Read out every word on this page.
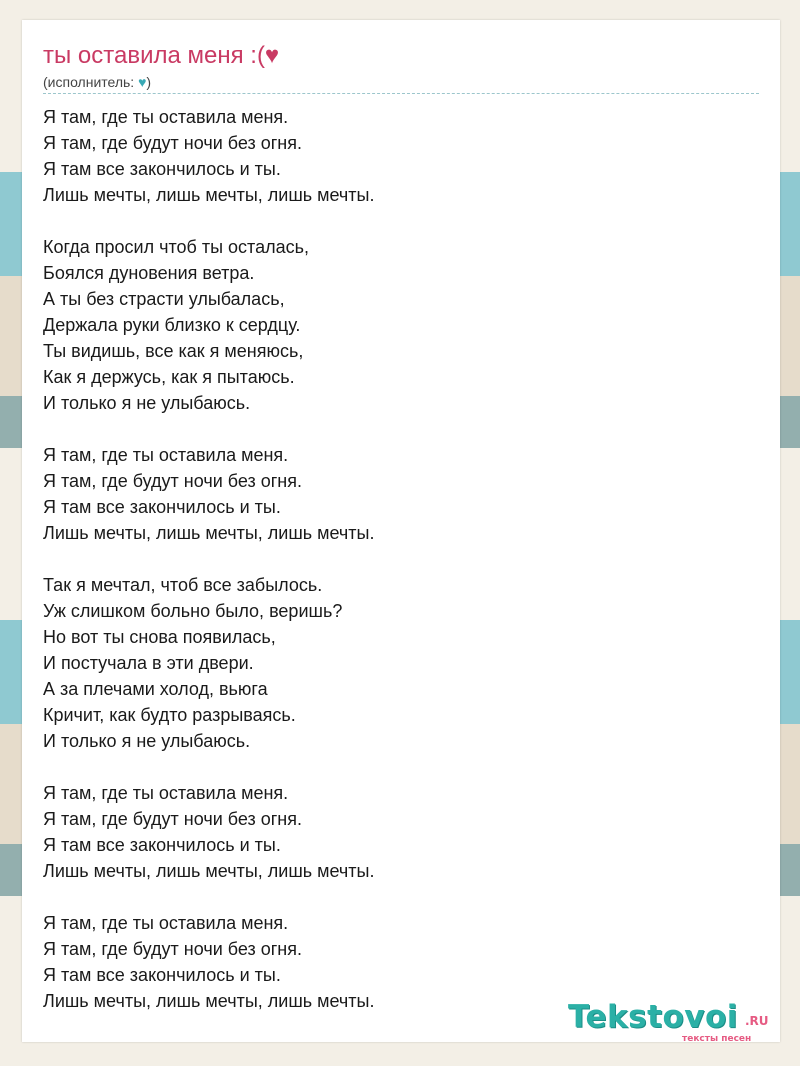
ты оставила меня :(♥
(исполнитель: ♥)
Я там, где ты оставила меня.
Я там, где будут ночи без огня.
Я там все закончилось и ты.
Лишь мечты, лишь мечты, лишь мечты.
Когда просил чтоб ты осталась,
Боялся дуновения ветра.
А ты без страсти улыбалась,
Держала руки близко к сердцу.
Ты видишь, все как я меняюсь,
Как я держусь, как я пытаюсь.
И только я не улыбаюсь.
Я там, где ты оставила меня.
Я там, где будут ночи без огня.
Я там все закончилось и ты.
Лишь мечты, лишь мечты, лишь мечты.
Так я мечтал, чтоб все забылось.
Уж слишком больно было, веришь?
Но вот ты снова появилась,
И постучала в эти двери.
А за плечами холод, вьюга
Кричит, как будто разрываясь.
И только я не улыбаюсь.
Я там, где ты оставила меня.
Я там, где будут ночи без огня.
Я там все закончилось и ты.
Лишь мечты, лишь мечты, лишь мечты.
Я там, где ты оставила меня.
Я там, где будут ночи без огня.
Я там все закончилось и ты.
Лишь мечты, лишь мечты, лишь мечты.	Tekstovoi .RU
тексты песен
